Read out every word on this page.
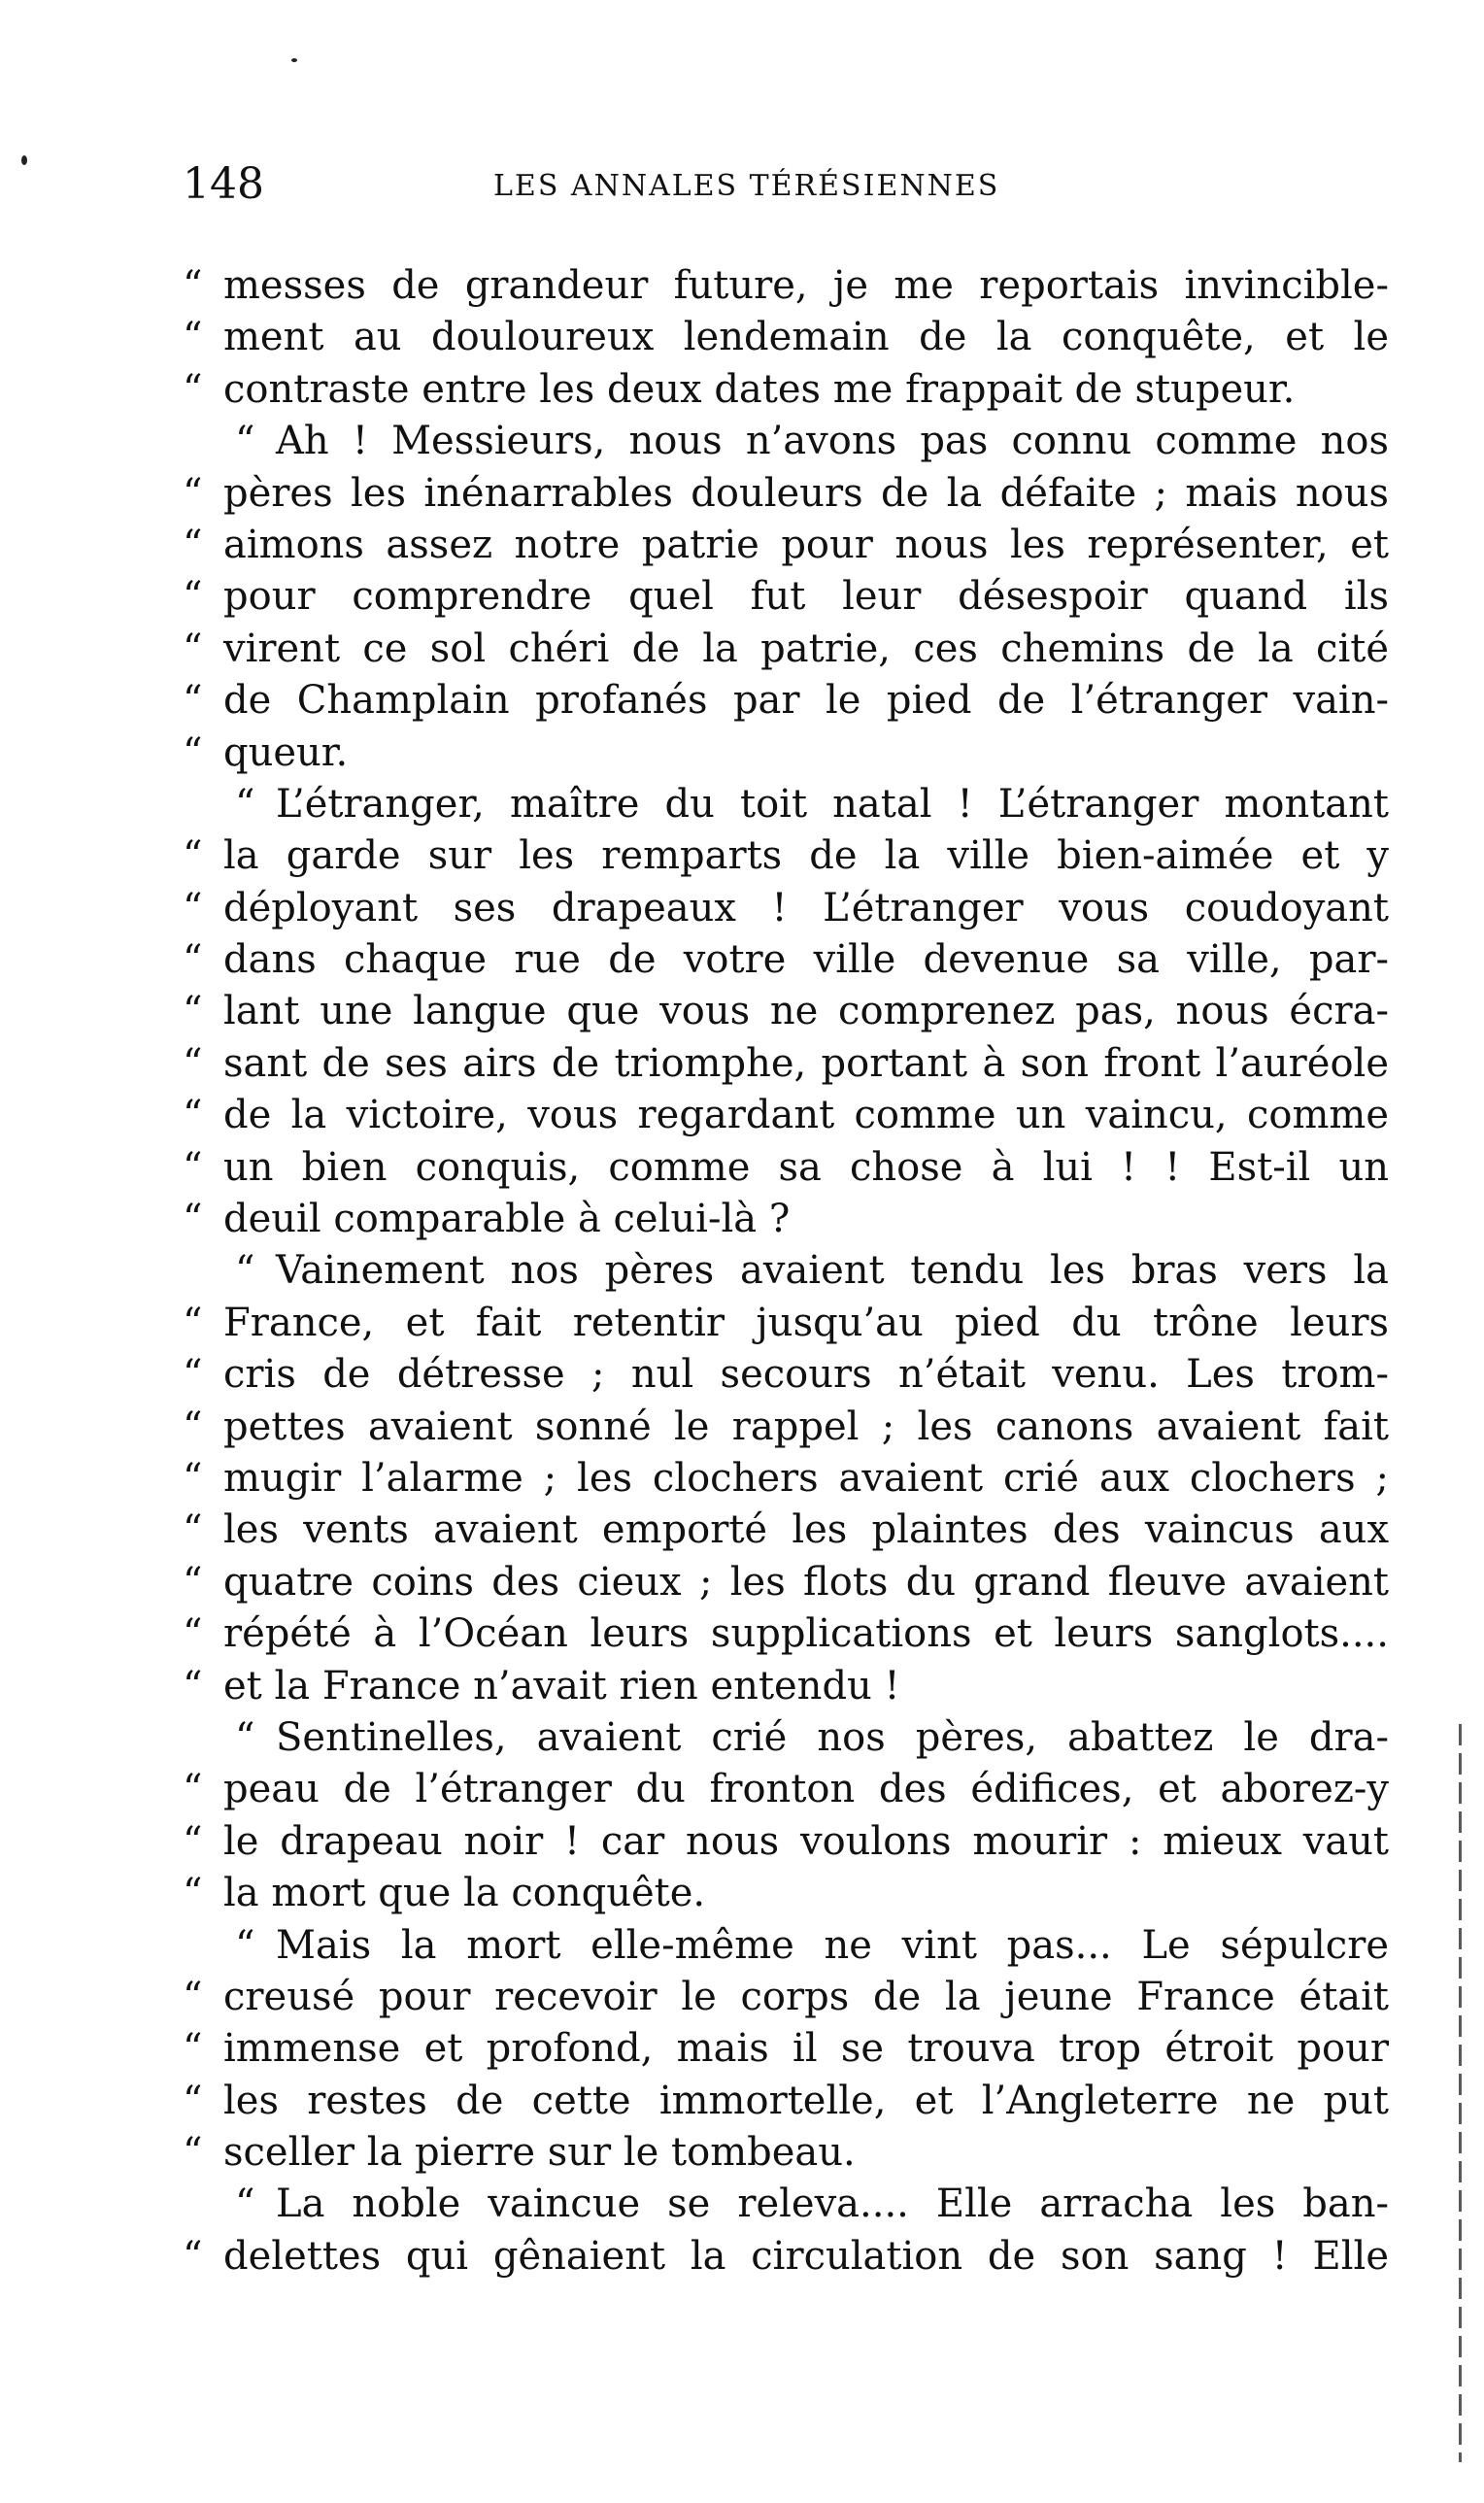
148	LES ANNALES TÉRÉSIENNES
“ messes de grandeur future, je me reportais invincible-
“ ment au douloureux lendemain de la conquête, et le
“ contraste entre les deux dates me frappait de stupeur.
“ Ah ! Messieurs, nous n’avons pas connu comme nos
“ pères les inénarrables douleurs de la défaite ; mais nous
“ aimons assez notre patrie pour nous les représenter, et
“ pour comprendre quel fut leur désespoir quand ils
“ virent ce sol chéri de la patrie, ces chemins de la cité
“ de Champlain profanés par le pied de l’étranger vain-
“ queur.
“ L’étranger, maître du toit natal ! L’étranger montant
“ la garde sur les remparts de la ville bien-aimée et y
“ déployant ses drapeaux ! L’étranger vous coudoyant
“ dans chaque rue de votre ville devenue sa ville, par-
“ lant une langue que vous ne comprenez pas, nous écra-
“ sant de ses airs de triomphe, portant à son front l’auréole
“ de la victoire, vous regardant comme un vaincu, comme
“ un bien conquis, comme sa chose à lui ! ! Est-il un
“ deuil comparable à celui-là ?
“ Vainement nos pères avaient tendu les bras vers la
“ France, et fait retentir jusqu’au pied du trône leurs
“ cris de détresse ; nul secours n’était venu. Les trom-
“ pettes avaient sonné le rappel ; les canons avaient fait
“ mugir l’alarme ; les clochers avaient crié aux clochers ;
“ les vents avaient emporté les plaintes des vaincus aux
“ quatre coins des cieux ; les flots du grand fleuve avaient
“ répété à l’Océan leurs supplications et leurs sanglots....
“ et la France n’avait rien entendu !
“ Sentinelles, avaient crié nos pères, abattez le dra-
“ peau de l’étranger du fronton des édifices, et aborez-y
“ le drapeau noir ! car nous voulons mourir : mieux vaut
“ la mort que la conquête.
“ Mais la mort elle-même ne vint pas... Le sépulcre
“ creusé pour recevoir le corps de la jeune France était
“ immense et profond, mais il se trouva trop étroit pour
“ les restes de cette immortelle, et l’Angleterre ne put
“ sceller la pierre sur le tombeau.
“ La noble vaincue se releva.... Elle arracha les ban-
“ delettes qui gênaient la circulation de son sang ! Elle
